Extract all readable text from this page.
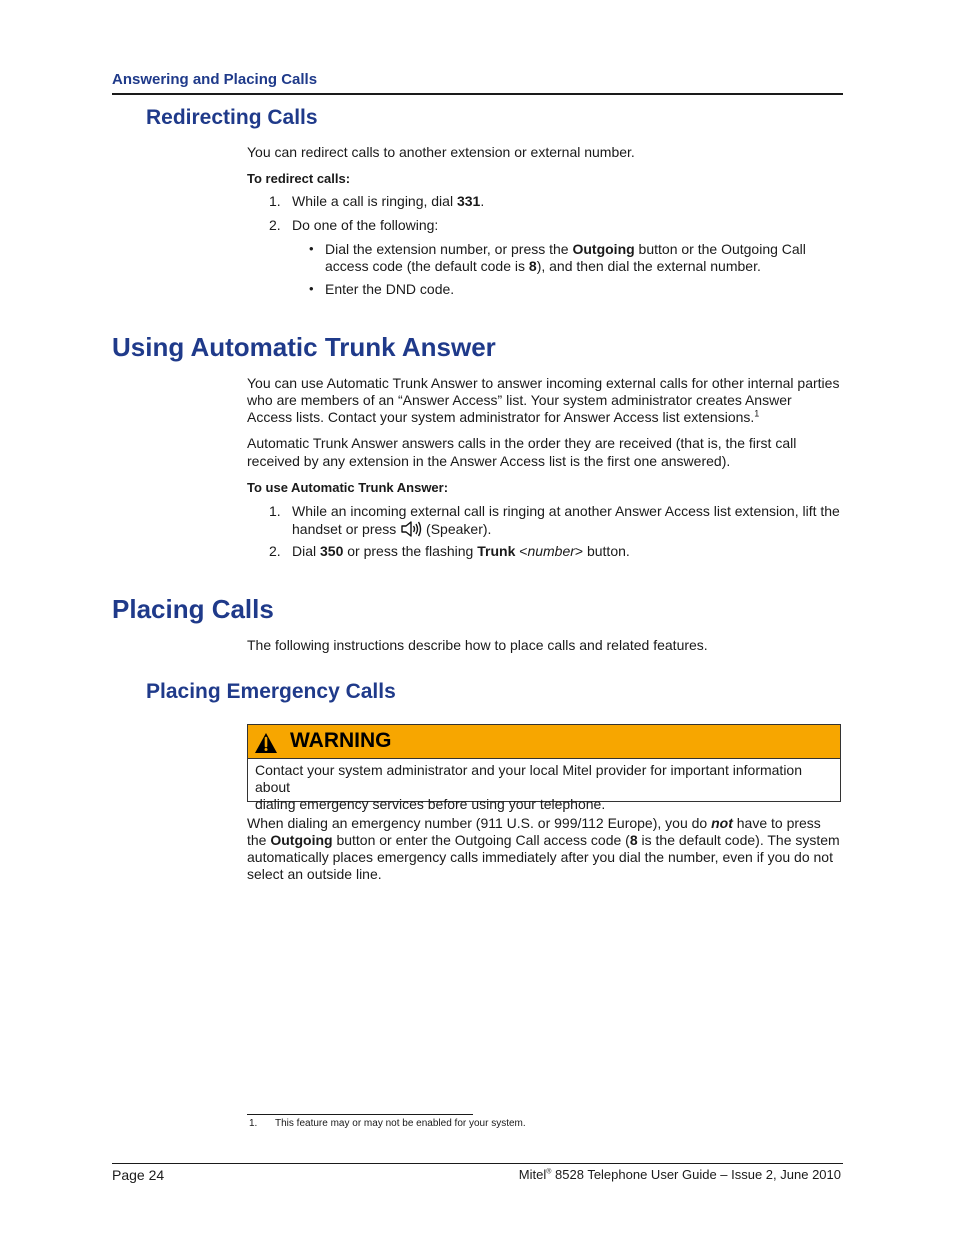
Answering and Placing Calls
Redirecting Calls
You can redirect calls to another extension or external number.
To redirect calls:
1. While a call is ringing, dial 331.
2. Do one of the following:
• Dial the extension number, or press the Outgoing button or the Outgoing Call
access code (the default code is 8), and then dial the external number.
• Enter the DND code.
Using Automatic Trunk Answer
You can use Automatic Trunk Answer to answer incoming external calls for other internal parties
who are members of an “Answer Access” list. Your system administrator creates Answer
Access lists. Contact your system administrator for Answer Access list extensions.$^1$
Automatic Trunk Answer answers calls in the order they are received (that is, the first call
received by any extension in the Answer Access list is the first one answered).
To use Automatic Trunk Answer:
1. While an incoming external call is ringing at another Answer Access list extension, lift the
handset or press  (Speaker).
2. Dial 350 or press the flashing Trunk <number> button.
Placing Calls
The following instructions describe how to place calls and related features.
Placing Emergency Calls
WARNING
Contact your system administrator and your local Mitel provider for important information about
dialing emergency services before using your telephone.
When dialing an emergency number (911 U.S. or 999/112 Europe), you do not have to press
the Outgoing button or enter the Outgoing Call access code (8 is the default code). The system
automatically places emergency calls immediately after you dial the number, even if you do not
select an outside line.
1. This feature may or may not be enabled for your system.
Page 24	Mitel® 8528 Telephone User Guide – Issue 2, June 2010
